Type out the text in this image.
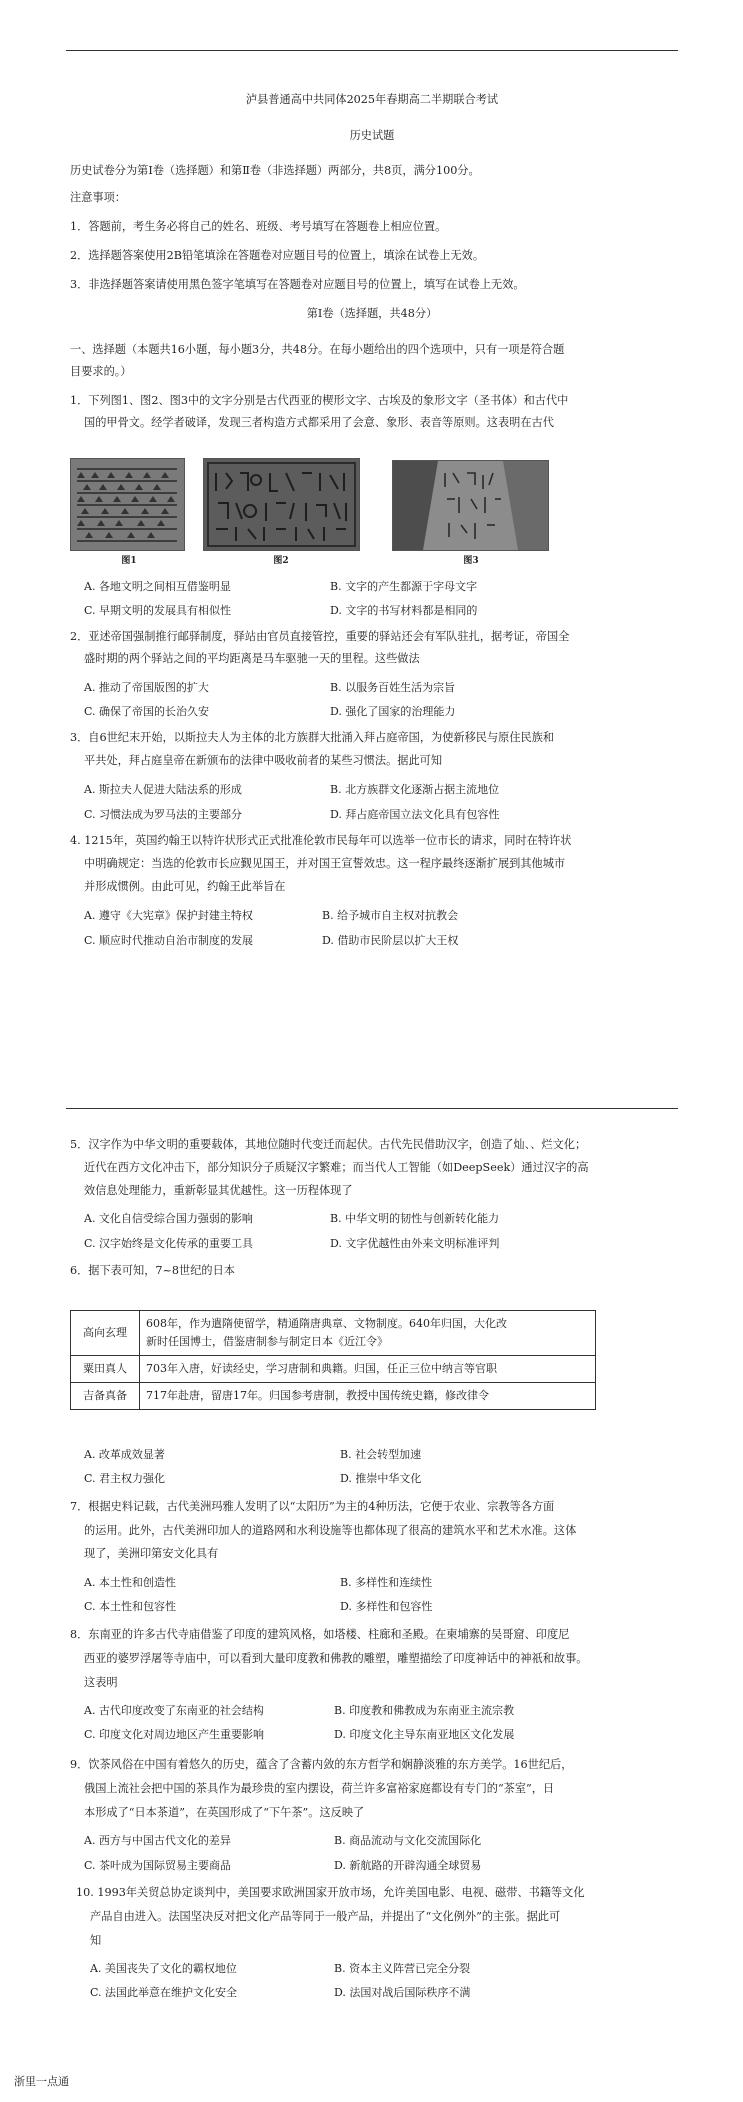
泸县普通高中共同体2025年春期高二半期联合考试
历史试题
历史试卷分为第Ⅰ卷（选择题）和第Ⅱ卷（非选择题）两部分，共8页，满分100分。
注意事项：
1．答题前，考生务必将自己的姓名、班级、考号填写在答题卷上相应位置。
2．选择题答案使用2B铅笔填涂在答题卷对应题目号的位置上，填涂在试卷上无效。
3．非选择题答案请使用黑色签字笔填写在答题卷对应题目号的位置上，填写在试卷上无效。
第Ⅰ卷（选择题，共48分）
一、选择题（本题共16小题，每小题3分，共48分。在每小题给出的四个选项中，只有一项是符合题
目要求的。）
1．下列图1、图2、图3中的文字分别是古代西亚的楔形文字、古埃及的象形文字（圣书体）和古代中
国的甲骨文。经学者破译，发现三者构造方式都采用了会意、象形、表音等原则。这表明在古代
图1	图2	图3
A. 各地文明之间相互借鉴明显	B. 文字的产生都源于字母文字
C. 早期文明的发展具有相似性	D. 文字的书写材料都是相同的
2．亚述帝国强制推行邮驿制度，驿站由官员直接管控，重要的驿站还会有军队驻扎，据考证，帝国全
盛时期的两个驿站之间的平均距离是马车驱驰一天的里程。这些做法
A. 推动了帝国版图的扩大	B. 以服务百姓生活为宗旨
C. 确保了帝国的长治久安	D. 强化了国家的治理能力
3．自6世纪末开始，以斯拉夫人为主体的北方族群大批涌入拜占庭帝国，为使新移民与原住民族和
平共处，拜占庭皇帝在新颁布的法律中吸收前者的某些习惯法。据此可知
A. 斯拉夫人促进大陆法系的形成	B. 北方族群文化逐渐占据主流地位
C. 习惯法成为罗马法的主要部分	D. 拜占庭帝国立法文化具有包容性
4. 1215年，英国约翰王以特许状形式正式批准伦敦市民每年可以选举一位市长的请求，同时在特许状
中明确规定：当选的伦敦市长应觐见国王，并对国王宣誓效忠。这一程序最终逐渐扩展到其他城市
并形成惯例。由此可见，约翰王此举旨在
A. 遵守《大宪章》保护封建主特权	B. 给予城市自主权对抗教会
C. 顺应时代推动自治市制度的发展	D. 借助市民阶层以扩大王权
5．汉字作为中华文明的重要载体，其地位随时代变迁而起伏。古代先民借助汉字，创造了灿、、烂文化；
近代在西方文化冲击下，部分知识分子质疑汉字繁难；而当代人工智能（如DeepSeek）通过汉字的高
效信息处理能力，重新彰显其优越性。这一历程体现了
A. 文化自信受综合国力强弱的影响	B. 中华文明的韧性与创新转化能力
C. 汉字始终是文化传承的重要工具	D. 文字优越性由外来文明标准评判
6．据下表可知，7~8世纪的日本
高向玄理	608年，作为遣隋使留学，精通隋唐典章、文物制度。640年归国，大化改
新时任国博士，借鉴唐制参与制定日本《近江令》

粟田真人	703年入唐，好读经史，学习唐制和典籍。归国，任正三位中纳言等官职
吉备真备	717年赴唐，留唐17年。归国参考唐制，教授中国传统史籍，修改律令
A. 改革成效显著	B. 社会转型加速
C. 君主权力强化	D. 推崇中华文化
7．根据史料记载，古代美洲玛雅人发明了以“太阳历”为主的4种历法，它便于农业、宗教等各方面
的运用。此外，古代美洲印加人的道路网和水利设施等也都体现了很高的建筑水平和艺术水准。这体
现了，美洲印第安文化具有
A. 本土性和创造性	B. 多样性和连续性
C. 本土性和包容性	D. 多样性和包容性
8．东南亚的许多古代寺庙借鉴了印度的建筑风格，如塔楼、柱廊和圣殿。在柬埔寨的吴哥窟、印度尼
西亚的婆罗浮屠等寺庙中，可以看到大量印度教和佛教的雕塑，雕塑描绘了印度神话中的神祇和故事。
这表明
A. 古代印度改变了东南亚的社会结构	B. 印度教和佛教成为东南亚主流宗教
C. 印度文化对周边地区产生重要影响	D. 印度文化主导东南亚地区文化发展
9．饮茶风俗在中国有着悠久的历史，蕴含了含蓄内敛的东方哲学和娴静淡雅的东方美学。16世纪后，
俄国上流社会把中国的茶具作为最珍贵的室内摆设，荷兰许多富裕家庭都设有专门的“茶室”，日
本形成了“日本茶道”，在英国形成了“下午茶”。这反映了
A. 西方与中国古代文化的差异	B. 商品流动与文化交流国际化
C. 茶叶成为国际贸易主要商品	D. 新航路的开辟沟通全球贸易
10. 1993年关贸总协定谈判中，美国要求欧洲国家开放市场，允许美国电影、电视、磁带、书籍等文化
产品自由进入。法国坚决反对把文化产品等同于一般产品，并提出了“文化例外”的主张。据此可
知
A. 美国丧失了文化的霸权地位	B. 资本主义阵营已完全分裂
C. 法国此举意在维护文化安全	D. 法国对战后国际秩序不满
浙里一点通
